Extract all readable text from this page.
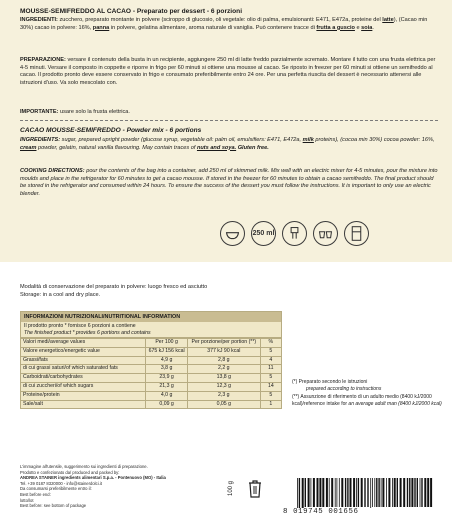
MOUSSE-SEMIFREDDO AL CACAO - Preparato per dessert - 6 porzioni
INGREDIENTI: zucchero, preparato montante in polvere (sciroppo di glucosio, oli vegetale: olio di palma, emulsionanti: E471, E472a, proteine del latte), (Cacao min 30%) cacao in polvere: 16%, panna in polvere, gelatina alimentare, aroma naturale di vaniglia. Può contenere tracce di frutta a guscio e soia.
PREPARAZIONE: versare il contenuto della busta in un recipiente, aggiungere 250 ml di latte freddo parzialmente scremato. Montare il tutto con una frusta elettrica per 4-5 minuti. Versare il composto in coppette e riporre in frigo per 60 minuti si ottiene una mousse al cacao. Se riposto in freezer per 60 minuti si ottiene un semifreddo al cacao. Il prodotto pronto deve essere conservato in frigo e consumato preferibilmente entro 24 ore. Per una perfetta riuscita del dessert è necessario attenersi alle istruzioni d'uso. Va solo mescolato con.
IMPORTANTE: usare solo la frusta elettrica.
CACAO MOUSSE-SEMIFREDDO - Powder mix - 6 portions
INGREDIENTS: sugar, prepared upright powder (glucose syrup, vegetable oil: palm oil, emulsifiers: E471, E472a, milk proteins), (cocoa min 30%) cocoa powder: 16%, cream powder, gelatin, natural vanilla flavouring. May contain traces of nuts and soya. Gluten free.
COOKING DIRECTIONS: pour the contents of the bag into a container, add 250 ml of skimmed milk. Mix well with an electric mixer for 4-5 minutes, pour the mixture into moulds and place in the refrigerator for 60 minutes to get a cacao mousse. If stored in the freezer for 60 minutes to obtain a cacao semifreddo. The final product should be stored in the refrigerator and consumed within 24 hours. To ensure the success of the dessert you must follow the instructions. It is important to only use an electric blender.
250 ml
Modalità di conservazione del preparato in polvere: luogo fresco ed asciutto
Storage: in a cool and dry place.
INFORMAZIONI NUTRIZIONALI/NUTRITIONAL INFORMATION
Il prodotto pronto * fornisce 6 porzioni a contiene
The finished product * provides 6 portions and contains
Valori medi/average values	Per 100 g	Per porzione/per portion (**)	%
Valore energetico/energetic value	675 kJ 156 kcal	377 kJ 90 kcal	5
Grassi/fats	4,9 g	2,8 g	4
di cui grassi saturi/of which saturated fats	3,8 g	2,2 g	11
Carboidrati/carbohydrates	23,9 g	13,8 g	5
di cui zuccheri/of which sugars	21,3 g	12,3 g	14
Proteine/protein	4,0 g	2,3 g	5
Sale/salt	0,09 g	0,05 g	1
(*) Preparato secondo le istruzioni
prepared according to instructions
(**) Assunzione di riferimento di un adulto medio (8400 kJ/2000 kcal)/reference intake for an average adult man (8400 kJ/2000 kcal)
L'immagine all'utensile, suggerimento sui ingredienti di preparazione.
Prodotto e confezionato da/ produced and packed by:
ANDREA STAINER ingredients alimentari S.p.a. - Pontenuovo (MO) - Italia
Tel. +39 0187 8320000 - info@stainerdolci.it
Da consumarsi preferibilmente entro il:
Best before end:
lotto/lot
Best before: see bottom of package
100 g
8 019745 001656
